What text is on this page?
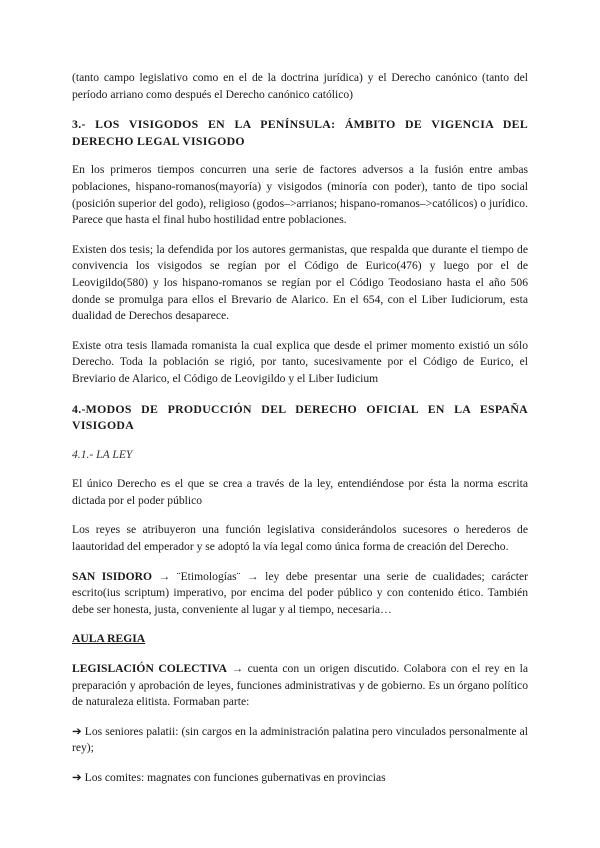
(tanto campo legislativo como en el de la doctrina jurídica) y el Derecho canónico (tanto del período arriano como después el Derecho canónico católico)

3.- LOS VISIGODOS EN LA PENÍNSULA: ÁMBITO DE VIGENCIA DEL DERECHO LEGAL VISIGODO

En los primeros tiempos concurren una serie de factores adversos a la fusión entre ambas poblaciones, hispano-romanos(mayoría) y visigodos (minoría con poder), tanto de tipo social (posición superior del godo), religioso (godos–>arrianos; hispano-romanos–>católicos) o jurídico. Parece que hasta el final hubo hostilidad entre poblaciones.

Existen dos tesis; la defendida por los autores germanistas, que respalda que durante el tiempo de convivencia los visigodos se regían por el Código de Eurico(476) y luego por el de Leovigildo(580) y los hispano-romanos se regían por el Código Teodosiano hasta el año 506 donde se promulga para ellos el Brevario de Alarico. En el 654, con el Liber Iudiciorum, esta dualidad de Derechos desaparece.

Existe otra tesis llamada romanista la cual explica que desde el primer momento existió un sólo Derecho. Toda la población se rigió, por tanto, sucesivamente por el Código de Eurico, el Breviario de Alarico, el Código de Leovigildo y el Liber Iudicium

4.-MODOS DE PRODUCCIÓN DEL DERECHO OFICIAL EN LA ESPAÑA VISIGODA

4.1.- LA LEY

El único Derecho es el que se crea a través de la ley, entendiéndose por ésta la norma escrita dictada por el poder público

Los reyes se atribuyeron una función legislativa considerándolos sucesores o herederos de laautoridad del emperador y se adoptó la vía legal como única forma de creación del Derecho.

SAN ISIDORO → ¨Etimologías¨ → ley debe presentar una serie de cualidades; carácter escrito(ius scriptum) imperativo, por encima del poder público y con contenido ético. También debe ser honesta, justa, conveniente al lugar y al tiempo, necesaria…

AULA REGIA

LEGISLACIÓN COLECTIVA → cuenta con un origen discutido. Colabora con el rey en la preparación y aprobación de leyes, funciones administrativas y de gobierno. Es un órgano político de naturaleza elitista. Formaban parte:

➔ Los seniores palatii: (sin cargos en la administración palatina pero vinculados personalmente al rey);

➔ Los comites: magnates con funciones gubernativas en provincias
